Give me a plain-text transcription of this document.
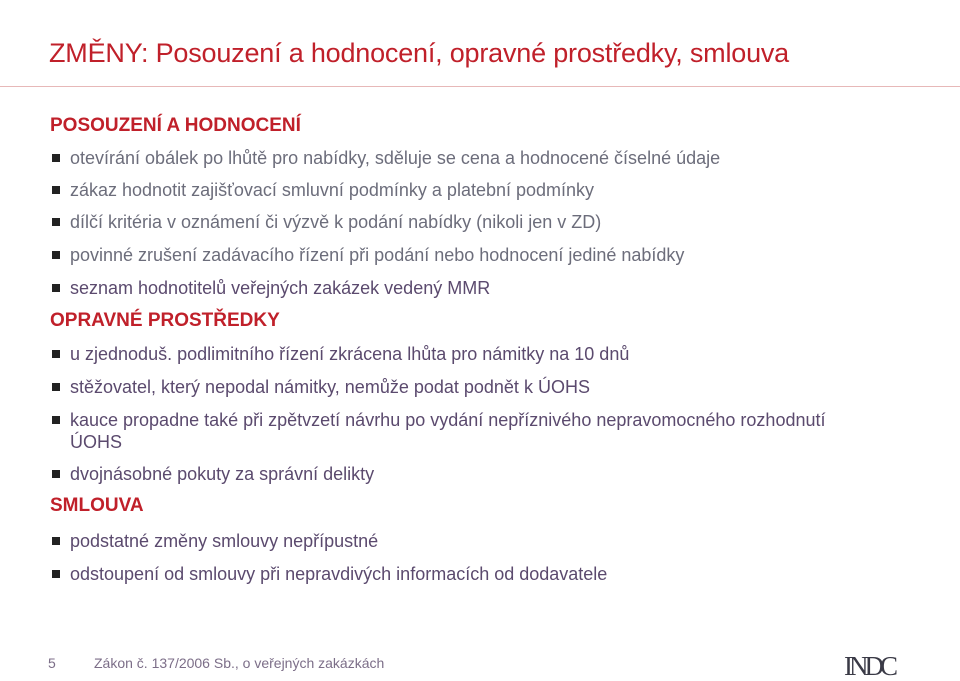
ZMĚNY: Posouzení a hodnocení, opravné prostředky, smlouva
POSOUZENÍ A HODNOCENÍ
otevírání obálek po lhůtě pro nabídky, sděluje se cena a hodnocené číselné údaje
zákaz hodnotit zajišťovací smluvní podmínky a platební podmínky
dílčí kritéria v oznámení či výzvě k podání nabídky (nikoli jen v ZD)
povinné zrušení zadávacího řízení při podání nebo hodnocení jediné nabídky
seznam hodnotitelů veřejných zakázek vedený MMR
OPRAVNÉ PROSTŘEDKY
u zjednoduš. podlimitního řízení zkrácena lhůta pro námitky na 10 dnů
stěžovatel, který nepodal námitky, nemůže podat podnět k ÚOHS
kauce propadne také při zpětvzetí návrhu po vydání nepříznivého nepravomocného rozhodnutí ÚOHS
dvojnásobné pokuty za správní delikty
SMLOUVA
podstatné změny smlouvy nepřípustné
odstoupení od smlouvy při nepravdivých informacích od dodavatele
5	Zákon č. 137/2006 Sb., o veřejných zakázkách	INDC
